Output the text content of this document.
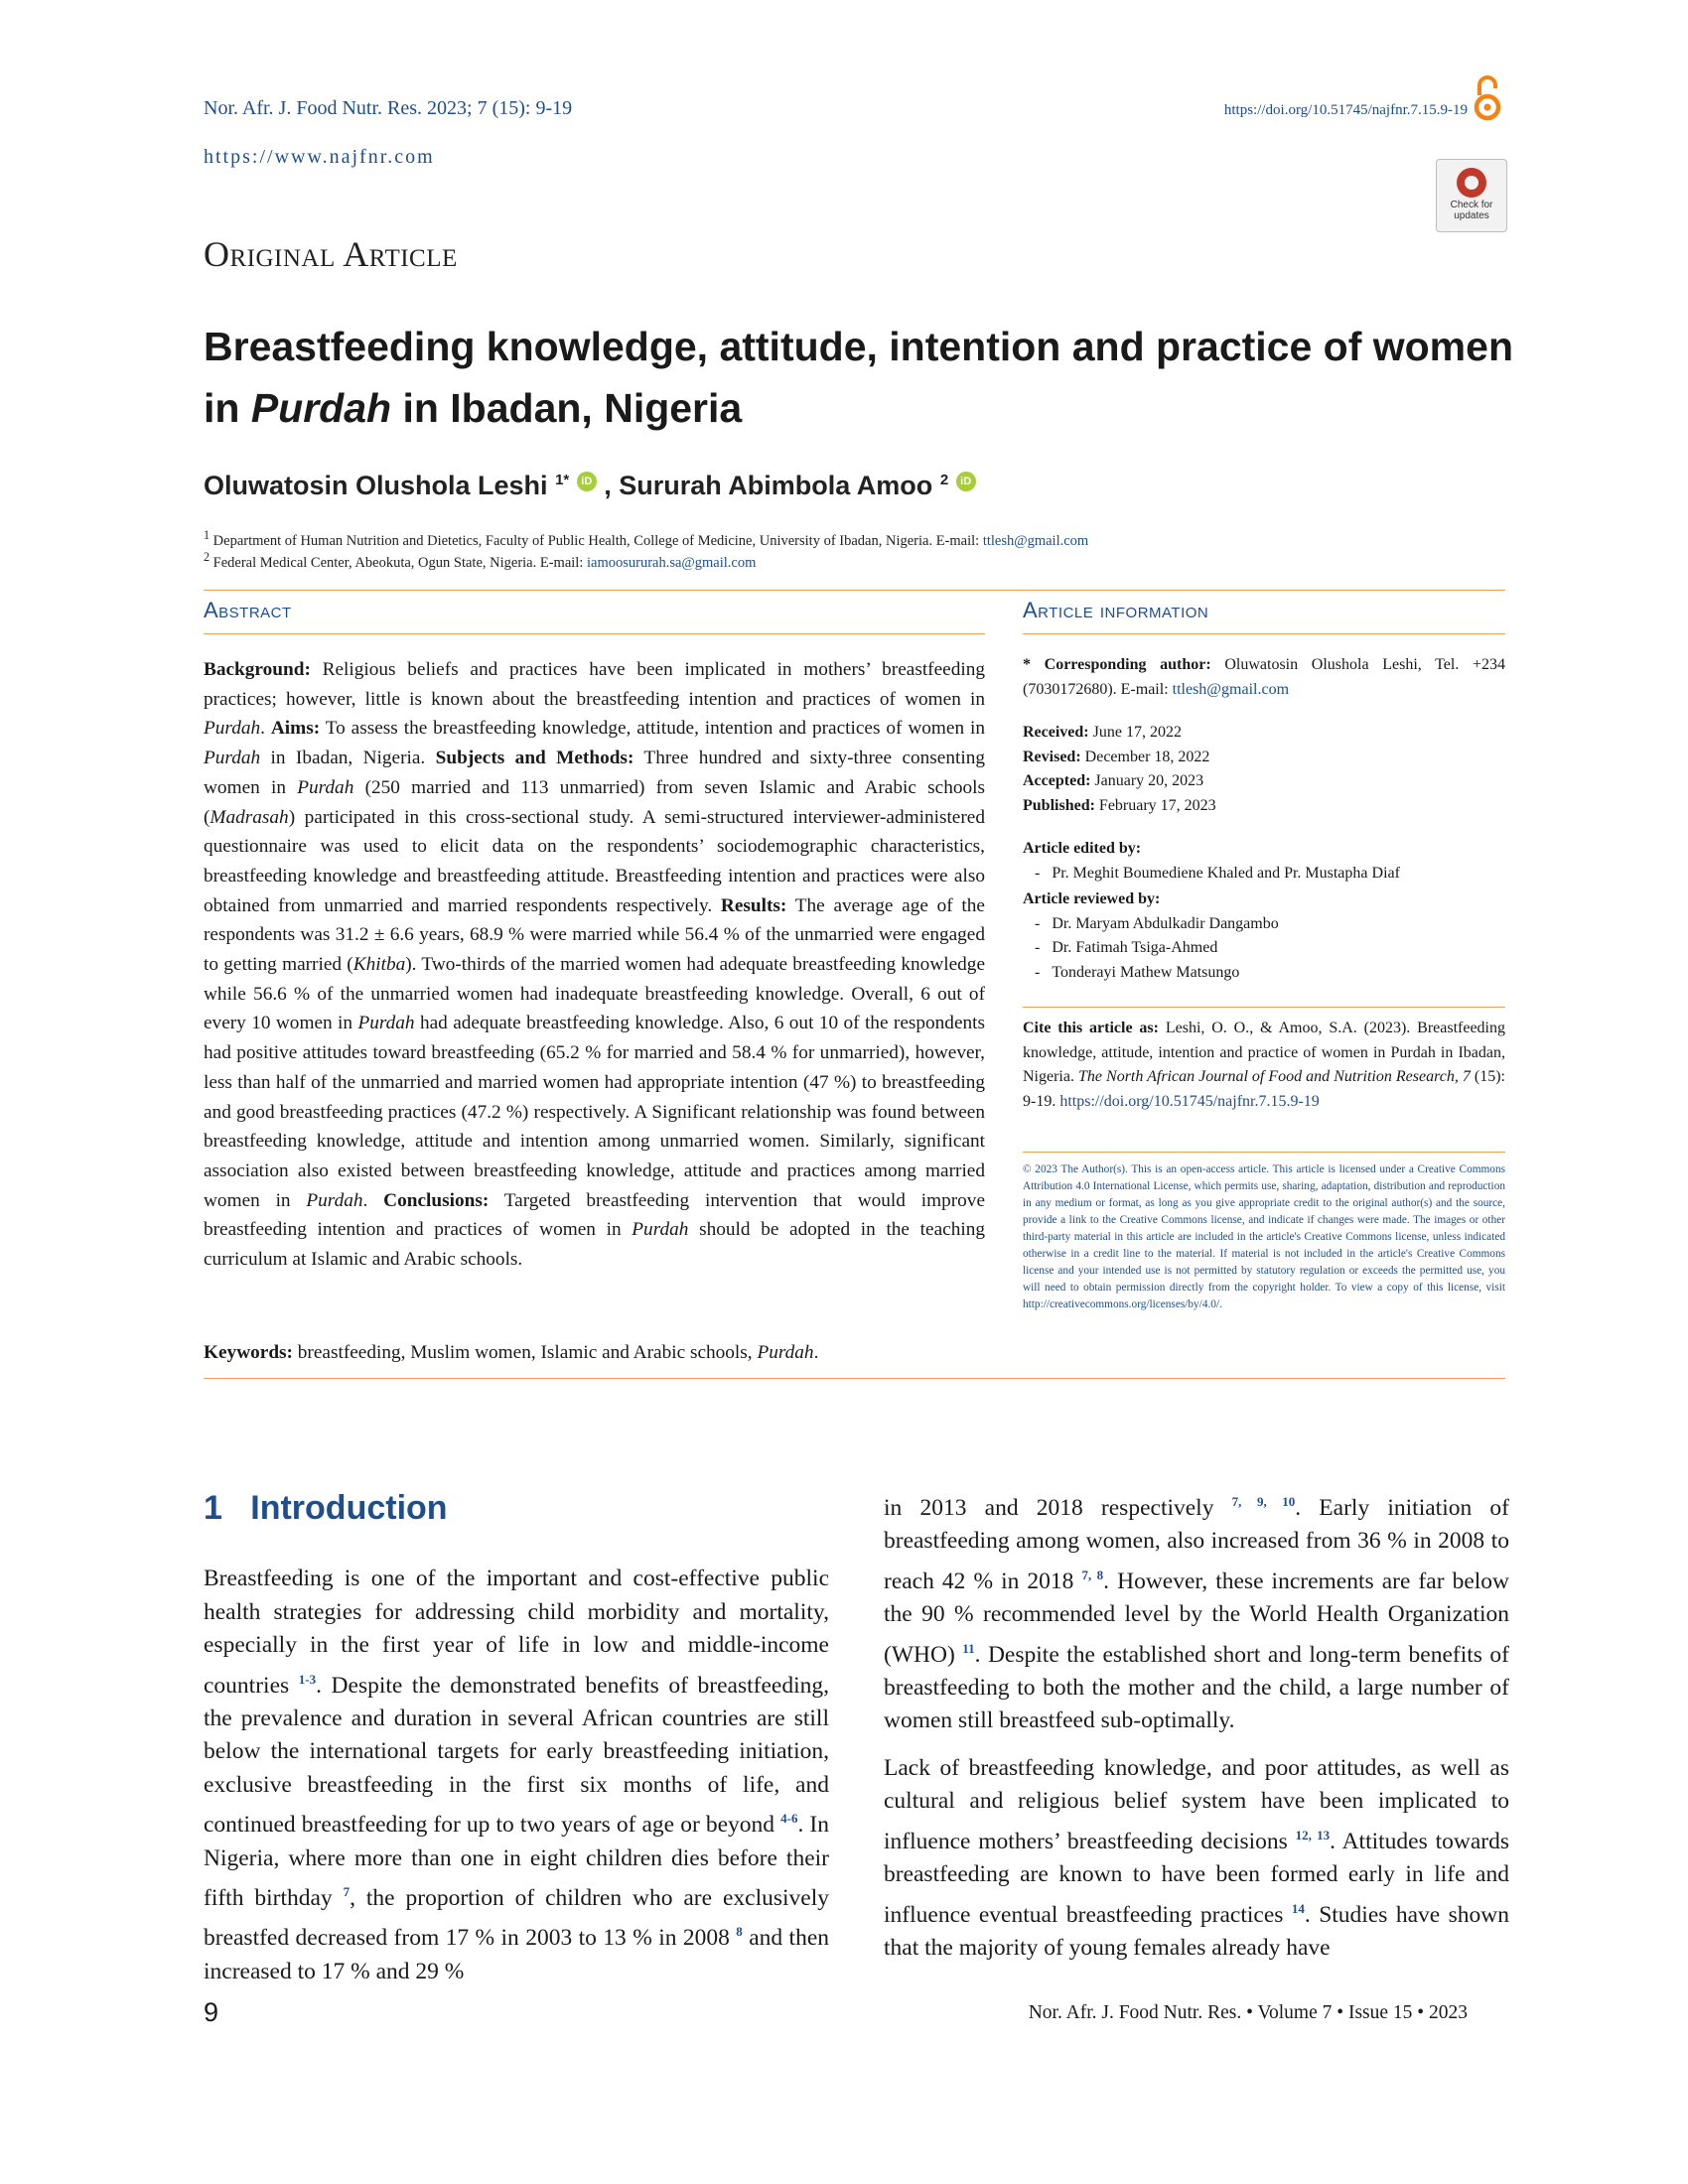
Nor. Afr. J. Food Nutr. Res. 2023; 7 (15): 9-19
https://www.najfnr.com
https://doi.org/10.51745/najfnr.7.15.9-19
Check for updates
Original Article
Breastfeeding knowledge, attitude, intention and practice of women in Purdah in Ibadan, Nigeria
Oluwatosin Olushola Leshi $^{1*}$ iD , Sururah Abimbola Amoo $^2$ iD
$^1$ Department of Human Nutrition and Dietetics, Faculty of Public Health, College of Medicine, University of Ibadan, Nigeria. E-mail: ttlesh@gmail.com
$^2$ Federal Medical Center, Abeokuta, Ogun State, Nigeria. E-mail: iamoosururah.sa@gmail.com
Abstract	Article information
Background: Religious beliefs and practices have been implicated in mothers’ breastfeeding practices; however, little is known about the breastfeeding intention and practices of women in Purdah. Aims: To assess the breastfeeding knowledge, attitude, intention and practices of women in Purdah in Ibadan, Nigeria. Subjects and Methods: Three hundred and sixty-three consenting women in Purdah (250 married and 113 unmarried) from seven Islamic and Arabic schools (Madrasah) participated in this cross-sectional study. A semi-structured interviewer-administered questionnaire was used to elicit data on the respondents’ sociodemographic characteristics, breastfeeding knowledge and breastfeeding attitude. Breastfeeding intention and practices were also obtained from unmarried and married respondents respectively. Results: The average age of the respondents was 31.2 ± 6.6 years, 68.9 % were married while 56.4 % of the unmarried were engaged to getting married (Khitba). Two-thirds of the married women had adequate breastfeeding knowledge while 56.6 % of the unmarried women had inadequate breastfeeding knowledge. Overall, 6 out of every 10 women in Purdah had adequate breastfeeding knowledge. Also, 6 out 10 of the respondents had positive attitudes toward breastfeeding (65.2 % for married and 58.4 % for unmarried), however, less than half of the unmarried and married women had appropriate intention (47 %) to breastfeeding and good breastfeeding practices (47.2 %) respectively. A Significant relationship was found between breastfeeding knowledge, attitude and intention among unmarried women. Similarly, significant association also existed between breastfeeding knowledge, attitude and practices among married women in Purdah. Conclusions: Targeted breastfeeding intervention that would improve breastfeeding intention and practices of women in Purdah should be adopted in the teaching curriculum at Islamic and Arabic schools.
Keywords: breastfeeding, Muslim women, Islamic and Arabic schools, Purdah.
* Corresponding author: Oluwatosin Olushola Leshi, Tel. +234 (7030172680). E-mail: ttlesh@gmail.com
Received: June 17, 2022
Revised: December 18, 2022
Accepted: January 20, 2023
Published: February 17, 2023
Article edited by:
-   Pr. Meghit Boumediene Khaled and Pr. Mustapha Diaf
Article reviewed by:
-   Dr. Maryam Abdulkadir Dangambo
-   Dr. Fatimah Tsiga-Ahmed
-   Tonderayi Mathew Matsungo
Cite this article as: Leshi, O. O., & Amoo, S.A. (2023). Breastfeeding knowledge, attitude, intention and practice of women in Purdah in Ibadan, Nigeria. The North African Journal of Food and Nutrition Research, 7 (15): 9-19. https://doi.org/10.51745/najfnr.7.15.9-19
© 2023 The Author(s). This is an open-access article. This article is licensed under a Creative Commons Attribution 4.0 International License, which permits use, sharing, adaptation, distribution and reproduction in any medium or format, as long as you give appropriate credit to the original author(s) and the source, provide a link to the Creative Commons license, and indicate if changes were made. The images or other third-party material in this article are included in the article's Creative Commons license, unless indicated otherwise in a credit line to the material. If material is not included in the article's Creative Commons license and your intended use is not permitted by statutory regulation or exceeds the permitted use, you will need to obtain permission directly from the copyright holder. To view a copy of this license, visit http://creativecommons.org/licenses/by/4.0/.
1 Introduction

Breastfeeding is one of the important and cost-effective public health strategies for addressing child morbidity and mortality, especially in the first year of life in low and middle-income countries $^{1-3}$. Despite the demonstrated benefits of breastfeeding, the prevalence and duration in several African countries are still below the international targets for early breastfeeding initiation, exclusive breastfeeding in the first six months of life, and continued breastfeeding for up to two years of age or beyond $^{4-6}$. In Nigeria, where more than one in eight children dies before their fifth birthday $^7$, the proportion of children who are exclusively breastfed decreased from 17 % in 2003 to 13 % in 2008 $^8$ and then increased to 17 % and 29 %

in 2013 and 2018 respectively $^{7, 9, 10}$. Early initiation of breastfeeding among women, also increased from 36 % in 2008 to reach 42 % in 2018 $^{7, 8}$. However, these increments are far below the 90 % recommended level by the World Health Organization (WHO) $^{11}$. Despite the established short and long-term benefits of breastfeeding to both the mother and the child, a large number of women still breastfeed sub-optimally.

Lack of breastfeeding knowledge, and poor attitudes, as well as cultural and religious belief system have been implicated to influence mothers’ breastfeeding decisions $^{12, 13}$. Attitudes towards breastfeeding are known to have been formed early in life and influence eventual breastfeeding practices $^{14}$. Studies have shown that the majority of young females already have

9	Nor. Afr. J. Food Nutr. Res. • Volume 7 • Issue 15 • 2023
